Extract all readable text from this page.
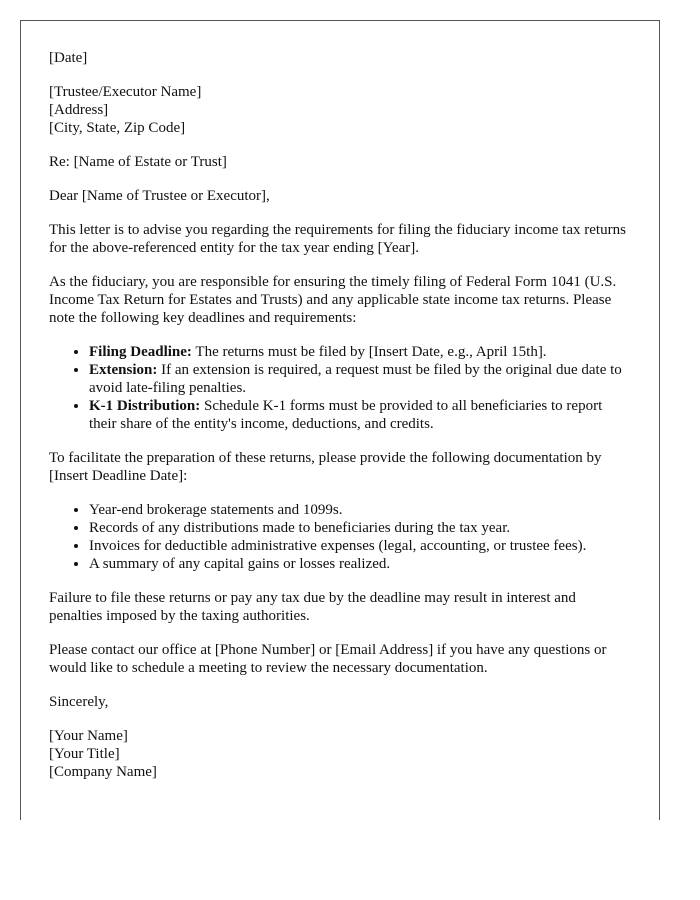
[Date]

[Trustee/Executor Name]
[Address]
[City, State, Zip Code]

Re: [Name of Estate or Trust]

Dear [Name of Trustee or Executor],

This letter is to advise you regarding the requirements for filing the fiduciary income tax returns for the above-referenced entity for the tax year ending [Year].

As the fiduciary, you are responsible for ensuring the timely filing of Federal Form 1041 (U.S. Income Tax Return for Estates and Trusts) and any applicable state income tax returns. Please note the following key deadlines and requirements:

• Filing Deadline: The returns must be filed by [Insert Date, e.g., April 15th].
• Extension: If an extension is required, a request must be filed by the original due date to avoid late-filing penalties.
• K-1 Distribution: Schedule K-1 forms must be provided to all beneficiaries to report their share of the entity's income, deductions, and credits.

To facilitate the preparation of these returns, please provide the following documentation by [Insert Deadline Date]:

• Year-end brokerage statements and 1099s.
• Records of any distributions made to beneficiaries during the tax year.
• Invoices for deductible administrative expenses (legal, accounting, or trustee fees).
• A summary of any capital gains or losses realized.

Failure to file these returns or pay any tax due by the deadline may result in interest and penalties imposed by the taxing authorities.

Please contact our office at [Phone Number] or [Email Address] if you have any questions or would like to schedule a meeting to review the necessary documentation.

Sincerely,

[Your Name]
[Your Title]
[Company Name]
